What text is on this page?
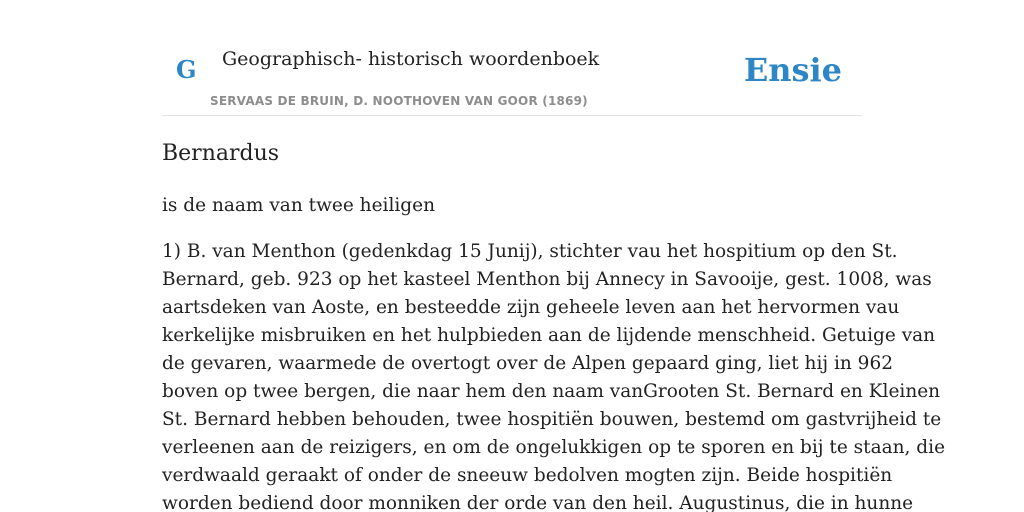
G Geographisch- historisch woordenboek
SERVAAS DE BRUIN, D. NOOTHOVEN VAN GOOR (1869)
Ensie
Bernardus

is de naam van twee heiligen

1) B. van Menthon (gedenkdag 15 Junij), stichter vau het hospitium op den St.

Bernard, geb. 923 op het kasteel Menthon bij Annecy in Savooije, gest. 1008, was

aartsdeken van Aoste, en besteedde zijn geheele leven aan het hervormen vau

kerkelijke misbruiken en het hulpbieden aan de lijdende menschheid. Getuige van

de gevaren, waarmede de overtogt over de Alpen gepaard ging, liet hij in 962

boven op twee bergen, die naar hem den naam vanGrooten St. Bernard en Kleinen

St. Bernard hebben behouden, twee hospitiën bouwen, bestemd om gastvrijheid te

verleenen aan de reizigers, en om de ongelukkigen op te sporen en bij te staan, die

verdwaald geraakt of onder de sneeuw bedolven mogten zijn. Beide hospitiën

worden bediend door monniken der orde van den heil. Augustinus, die in hunne
